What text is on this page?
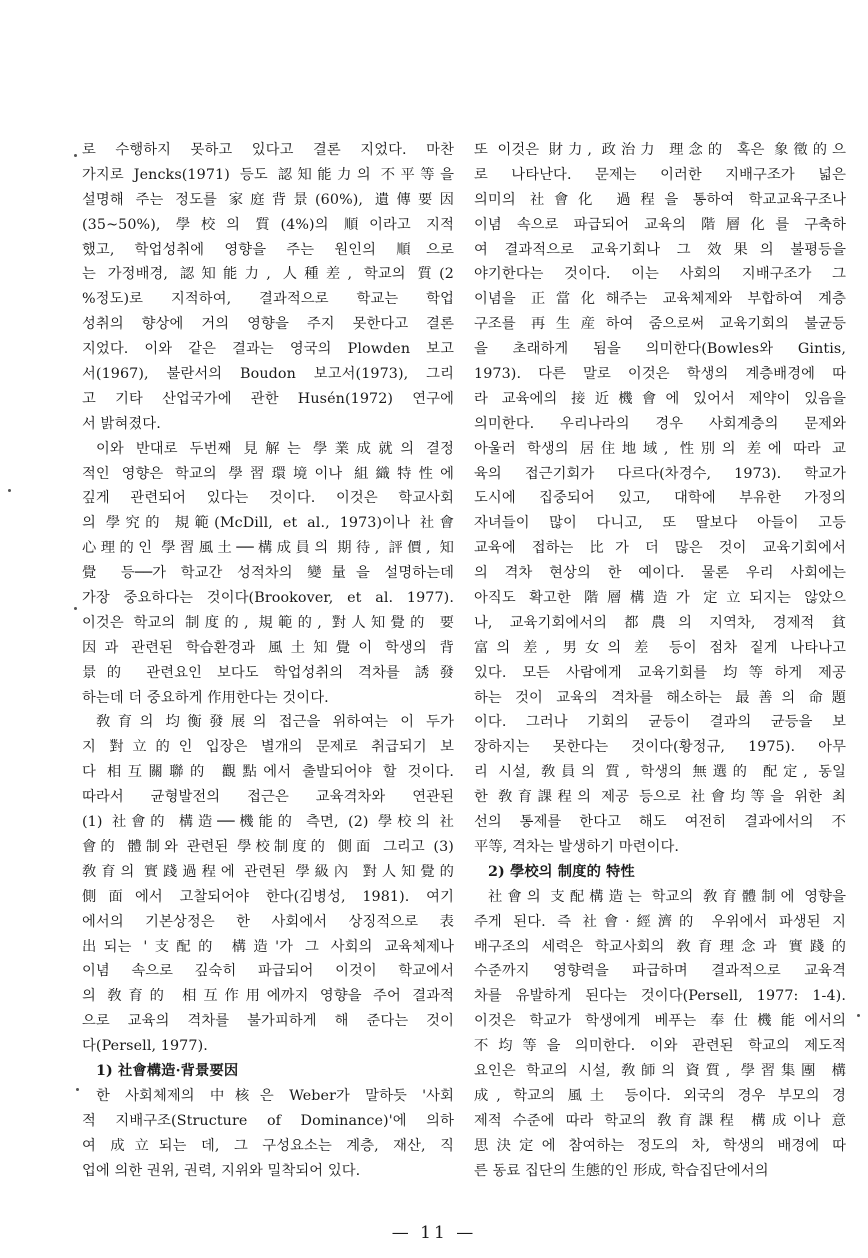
로 수행하지 못하고 있다고 결론 지었다. 마찬
가지로 Jencks(1971) 등도 認知能力의 不平等을
설명해 주는 정도를 家庭背景(60%), 遺傳要因
(35~50%), 學校의 質(4%)의 順이라고 지적
했고, 학업성취에 영향을 주는 원인의 順으로
는 가정배경, 認知能力, 人種差, 학교의 質(2
%정도)로 지적하여, 결과적으로 학교는 학업
성취의 향상에 거의 영향을 주지 못한다고 결론
지었다. 이와 같은 결과는 영국의 Plowden 보고
서(1967), 불란서의 Boudon 보고서(1973), 그리
고 기타 산업국가에 관한 Husén(1972) 연구에
서 밝혀졌다.
이와 반대로 두번째 見解는 學業成就의 결정
적인 영향은 학교의 學習環境이나 組織特性에
깊게 관련되어 있다는 것이다. 이것은 학교사회
의 學究的 規範(McDill, et al., 1973)이나 社會
心理的인 學習風土──構成員의 期待, 評價, 知
覺 등──가 학교간 성적차의 變量을 설명하는데
가장 중요하다는 것이다(Brookover, et al. 1977).
이것은 학교의 制度的, 規範的, 對人知覺的 要
因과 관련된 학습환경과 風土知覺이 학생의 背
景的 관련요인 보다도 학업성취의 격차를 誘發
하는데 더 중요하게 作用한다는 것이다.
敎育의 均衡發展의 접근을 위하여는 이 두가
지 對立的인 입장은 별개의 문제로 취급되기 보
다 相互關聯的 觀點에서 출발되어야 할 것이다.
따라서 균형발전의 접근은 교육격차와 연관된
(1) 社會的 構造──機能的 측면, (2) 學校의 社
會的 體制와 관련된 學校制度的 側面 그리고 (3)
敎育의 實踐過程에 관련된 學級內 對人知覺的
側面에서 고찰되어야 한다(김병성, 1981). 여기
에서의 기본상정은 한 사회에서 상징적으로 表
出되는 '支配的 構造'가 그 사회의 교육체제나
이념 속으로 깊숙히 파급되어 이것이 학교에서
의 敎育的 相互作用에까지 영향을 주어 결과적
으로 교육의 격차를 불가피하게 해 준다는 것이
다(Persell, 1977).
1) 社會構造·背景要因
한 사회체제의 中核은 Weber가 말하듯 '사회
적 지배구조(Structure of Dominance)'에 의하
여 成立되는 데, 그 구성요소는 계층, 재산, 직
업에 의한 권위, 권력, 지위와 밀착되어 있다.
또 이것은 財力, 政治力 理念的 혹은 象徵的으
로 나타난다. 문제는 이러한 지배구조가 넓은
의미의 社會化 過程을 통하여 학교교육구조나
이념 속으로 파급되어 교육의 階層化를 구축하
여 결과적으로 교육기회나 그 效果의 불평등을
야기한다는 것이다. 이는 사회의 지배구조가 그
이념을 正當化해주는 교육체제와 부합하여 계층
구조를 再生産하여 줌으로써 교육기회의 불균등
을 초래하게 됨을 의미한다(Bowles와 Gintis,
1973). 다른 말로 이것은 학생의 계층배경에 따
라 교육에의 接近機會에 있어서 제약이 있음을
의미한다. 우리나라의 경우 사회계층의 문제와
아울러 학생의 居住地域, 性別의 差에 따라 교
육의 접근기회가 다르다(차경수, 1973). 학교가
도시에 집중되어 있고, 대학에 부유한 가정의
자녀들이 많이 다니고, 또 딸보다 아들이 고등
교육에 접하는 比가 더 많은 것이 교육기회에서
의 격차 현상의 한 예이다. 물론 우리 사회에는
아직도 확고한 階層構造가 定立되지는 않았으
나, 교육기회에서의 都農의 지역차, 경제적 貧
富의 差, 男女의 差 등이 점차 짙게 나타나고
있다. 모든 사람에게 교육기회를 均等하게 제공
하는 것이 교육의 격차를 해소하는 最善의 命題
이다. 그러나 기회의 균등이 결과의 균등을 보
장하지는 못한다는 것이다(황정규, 1975). 아무
리 시설, 敎員의 質, 학생의 無選的 配定, 동일
한 敎育課程의 제공 등으로 社會均等을 위한 최
선의 통제를 한다고 해도 여전히 결과에서의 不
平等, 격차는 발생하기 마련이다.
2) 學校의 制度的 特性
社會의 支配構造는 학교의 敎育體制에 영향을
주게 된다. 즉 社會·經濟的 우위에서 파생된 지
배구조의 세력은 학교사회의 敎育理念과 實踐的
수준까지 영향력을 파급하며 결과적으로 교육격
차를 유발하게 된다는 것이다(Persell, 1977: 1-4).
이것은 학교가 학생에게 베푸는 奉仕機能에서의
不均等을 의미한다. 이와 관련된 학교의 제도적
요인은 학교의 시설, 敎師의 資質, 學習集團 構
成, 학교의 風土 등이다. 외국의 경우 부모의 경
제적 수준에 따라 학교의 敎育課程 構成이나 意
思決定에 참여하는 정도의 차, 학생의 배경에 따
른 동료 집단의 生態的인 形成, 학습집단에서의
— 11 —
